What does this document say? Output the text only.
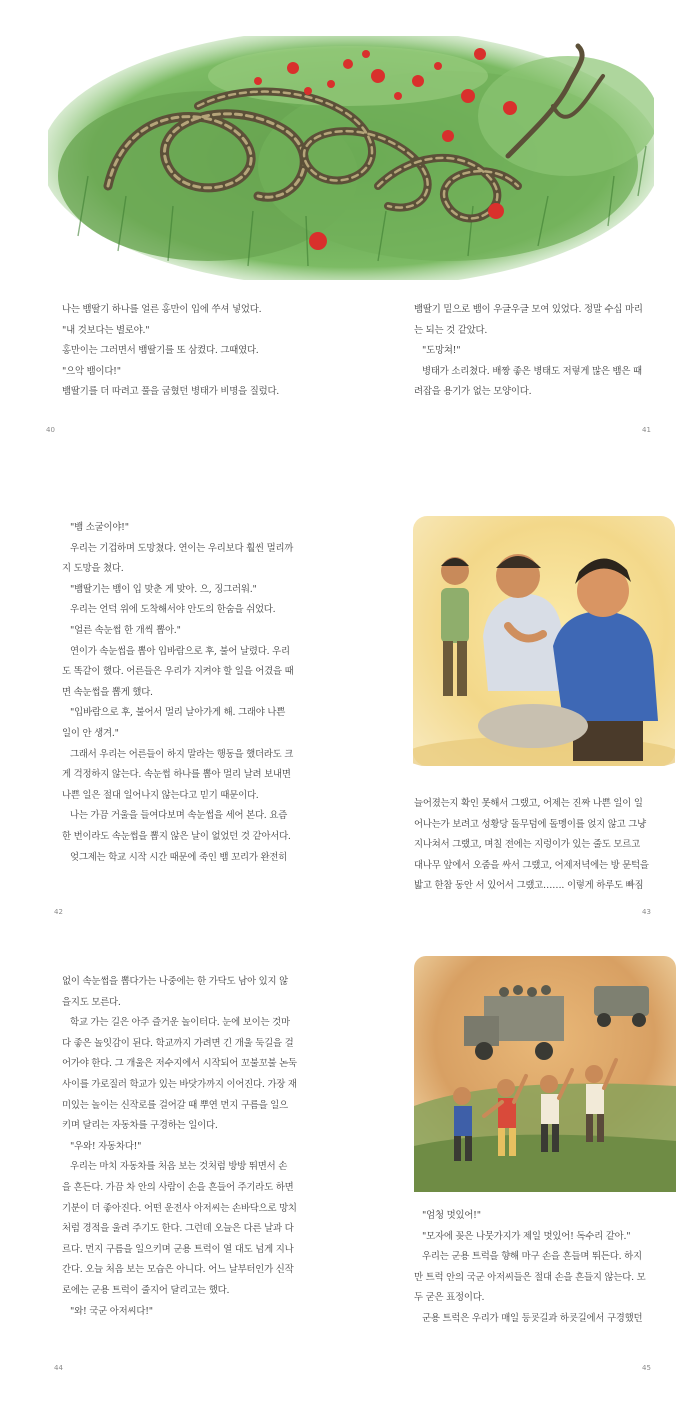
나는 뱀딸기 하나를 얼른 홍만이 입에 쑤셔 넣었다.

"내 것보다는 별로야."

홍만이는 그러면서 뱀딸기를 또 삼켰다. 그때였다.

"으악 뱀이다!"

뱀딸기를 더 따려고 풀을 굽혔던 병태가 비명을 질렀다.

40

뱀딸기 밑으로 뱀이 우글우글 모여 있었다. 정말 수십 마리

는 되는 것 같았다.

"도망쳐!"

병태가 소리쳤다. 배짱 좋은 병태도 저렇게 많은 뱀은 때

려잡을 용기가 없는 모양이다.

41

"뱀 소굴이야!"

우리는 기겁하며 도망쳤다. 연이는 우리보다 훨씬 멀리까

지 도망을 쳤다.

"뱀딸기는 뱀이 입 맞춘 게 맞아. 으, 징그러워."

우리는 언덕 위에 도착해서야 안도의 한숨을 쉬었다.

"얼른 속눈썹 한 개씩 뽑아."

연이가 속눈썹을 뽑아 입바람으로 후, 불어 날렸다. 우리

도 똑같이 했다. 어른들은 우리가 지켜야 할 일을 어겼을 때

면 속눈썹을 뽑게 했다.

"입바람으로 후, 불어서 멀리 날아가게 해. 그래야 나쁜

일이 안 생겨."

그래서 우리는 어른들이 하지 말라는 행동을 했더라도 크

게 걱정하지 않는다. 속눈썹 하나를 뽑아 멀리 날려 보내면

나쁜 일은 절대 일어나지 않는다고 믿기 때문이다.

나는 가끔 거울을 들여다보며 속눈썹을 세어 본다. 요즘

한 번이라도 속눈썹을 뽑지 않은 날이 없었던 것 같아서다.

엊그제는 학교 시작 시간 때문에 죽인 뱀 꼬리가 완전히

42

늘어졌는지 확인 못해서 그랬고, 어제는 진짜 나쁜 일이 일

어나는가 보려고 성황당 돌무덤에 돌멩이를 얹지 않고 그냥

지나쳐서 그랬고, 며칠 전에는 지렁이가 있는 줄도 모르고

대나무 앞에서 오줌을 싸서 그랬고, 어제저녁에는 방 문턱을

밟고 한참 동안 서 있어서 그랬고……. 이렇게 하루도 빠짐

43

없이 속눈썹을 뽑다가는 나중에는 한 가닥도 남아 있지 않

을지도 모른다.

학교 가는 길은 아주 즐거운 놀이터다. 눈에 보이는 것마

다 좋은 놀잇감이 된다. 학교까지 가려면 긴 개울 둑길을 걸

어가야 한다. 그 개울은 저수지에서 시작되어 꼬불꼬불 논둑

사이를 가로질러 학교가 있는 바닷가까지 이어진다. 가장 재

미있는 놀이는 신작로를 걸어갈 때 뿌연 먼지 구름을 일으

키며 달리는 자동차를 구경하는 일이다.

"우와! 자동차다!"

우리는 마치 자동차를 처음 보는 것처럼 방방 뛰면서 손

을 흔든다. 가끔 차 안의 사람이 손을 흔들어 주기라도 하면

기분이 더 좋아진다. 어떤 운전사 아저씨는 손바닥으로 망치

처럼 경적을 울려 주기도 한다. 그런데 오늘은 다른 날과 다

르다. 먼지 구름을 일으키며 군용 트럭이 열 대도 넘게 지나

간다. 오늘 처음 보는 모습은 아니다. 어느 날부터인가 신작

로에는 군용 트럭이 줄지어 달리고는 했다.

"와! 국군 아저씨다!"

44

"엄청 멋있어!"

"모자에 꽂은 나뭇가지가 제일 멋있어! 독수리 같아."

우리는 군용 트럭을 향해 마구 손을 흔들며 뛰든다. 하지

만 트럭 안의 국군 아저씨들은 절대 손을 흔들지 않는다. 모

두 굳은 표정이다.

군용 트럭은 우리가 매일 등굣길과 하굣길에서 구경했던

45
